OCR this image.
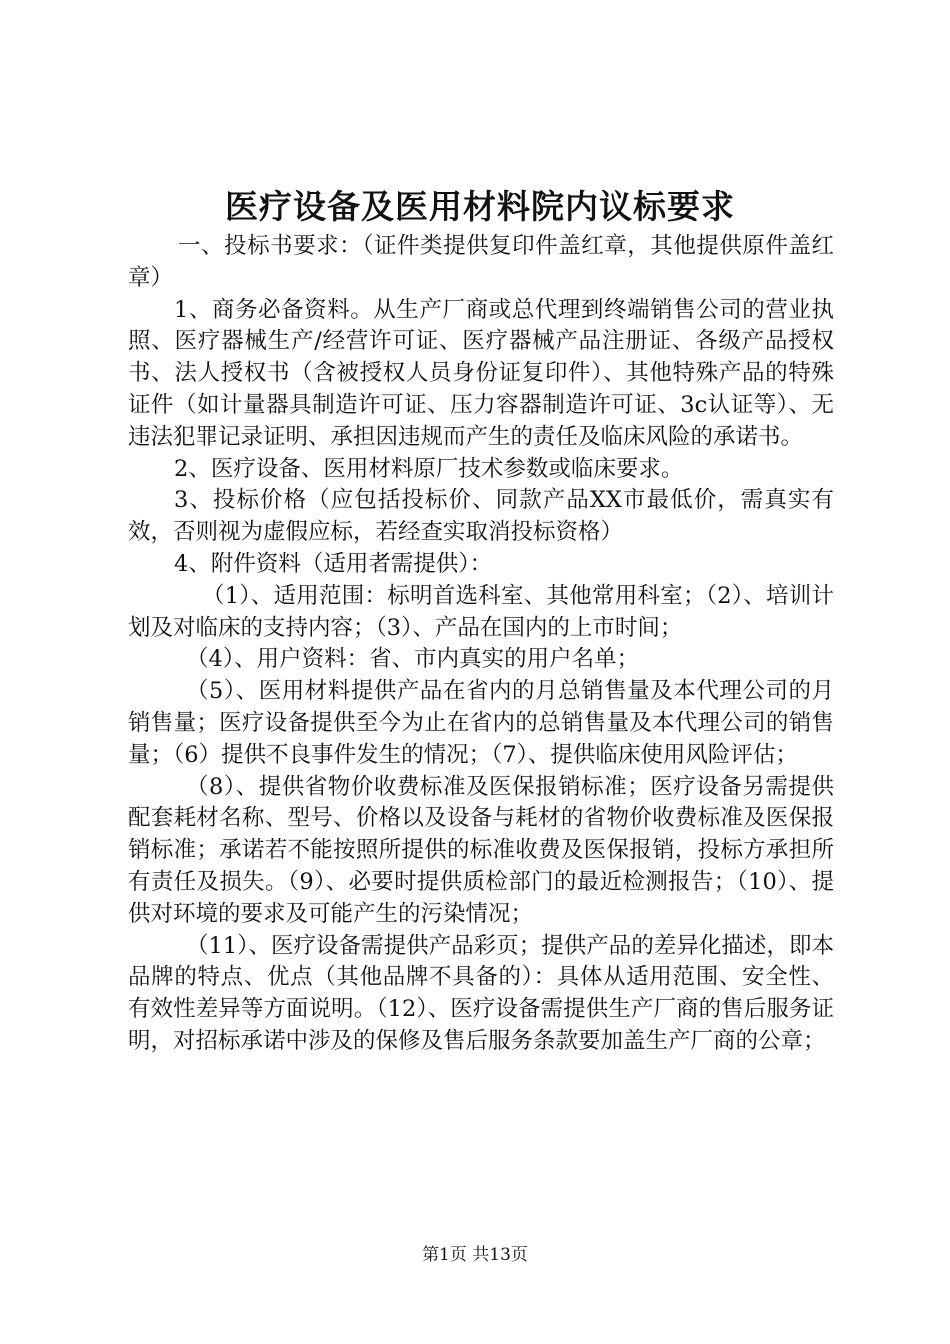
医疗设备及医用材料院内议标要求

一、投标书要求：（证件类提供复印件盖红章，其他提供原件盖红章）

1、商务必备资料。从生产厂商或总代理到终端销售公司的营业执照、医疗器械生产/经营许可证、医疗器械产品注册证、各级产品授权书、法人授权书（含被授权人员身份证复印件）、其他特殊产品的特殊证件（如计量器具制造许可证、压力容器制造许可证、3c认证等）、无违法犯罪记录证明、承担因违规而产生的责任及临床风险的承诺书。

2、医疗设备、医用材料原厂技术参数或临床要求。

3、投标价格（应包括投标价、同款产品XX市最低价，需真实有效，否则视为虚假应标，若经查实取消投标资格）

4、附件资料（适用者需提供）：

（1）、适用范围：标明首选科室、其他常用科室；（2）、培训计划及对临床的支持内容；（3）、产品在国内的上市时间；

（4）、用户资料：省、市内真实的用户名单；

（5）、医用材料提供产品在省内的月总销售量及本代理公司的月销售量；医疗设备提供至今为止在省内的总销售量及本代理公司的销售量；（6）提供不良事件发生的情况；（7）、提供临床使用风险评估；

（8）、提供省物价收费标准及医保报销标准；医疗设备另需提供配套耗材名称、型号、价格以及设备与耗材的省物价收费标准及医保报销标准；承诺若不能按照所提供的标准收费及医保报销，投标方承担所有责任及损失。（9）、必要时提供质检部门的最近检测报告；（10）、提供对环境的要求及可能产生的污染情况；

（11）、医疗设备需提供产品彩页；提供产品的差异化描述，即本品牌的特点、优点（其他品牌不具备的）：具体从适用范围、安全性、有效性差异等方面说明。（12）、医疗设备需提供生产厂商的售后服务证明，对招标承诺中涉及的保修及售后服务条款要加盖生产厂商的公章；

第1页 共13页
